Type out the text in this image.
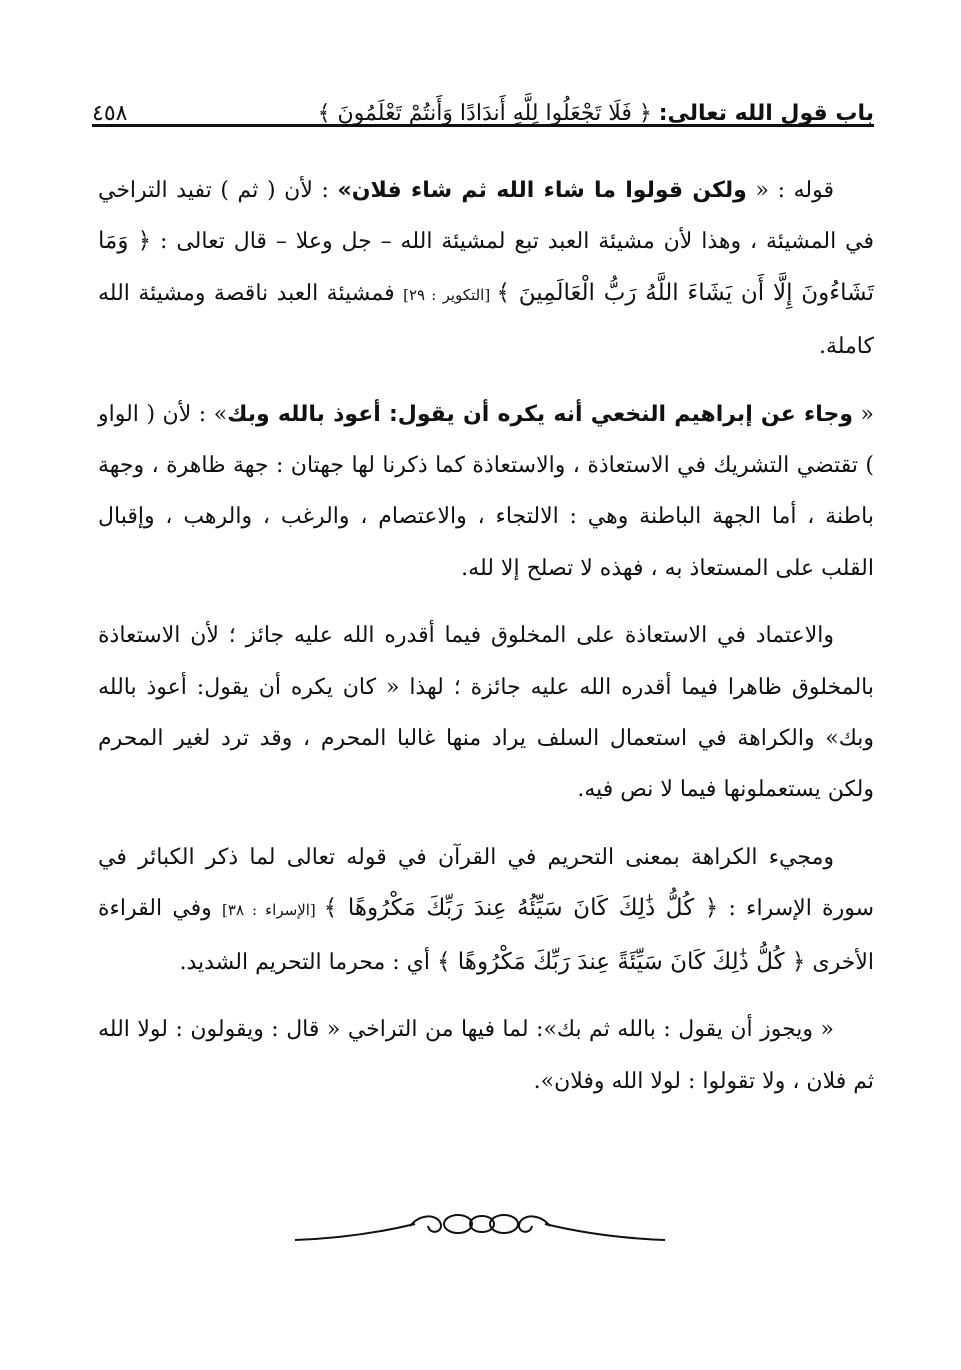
باب قول الله تعالى: ﴿ فَلَا تَجْعَلُوا لِلَّهِ أَندَادًا وَأَنتُمْ تَعْلَمُونَ ﴾
٤٥٨

قوله : « ولكن قولوا ما شاء الله ثم شاء فلان» : لأن ( ثم ) تفيد التراخي في المشيئة ، وهذا لأن مشيئة العبد تبع لمشيئة الله – جل وعلا – قال تعالى : ﴿ وَمَا تَشَاءُونَ إِلَّا أَن يَشَاءَ اللَّهُ رَبُّ الْعَالَمِينَ ﴾ [التكوير : ٢٩] فمشيئة العبد ناقصة ومشيئة الله كاملة.

« وجاء عن إبراهيم النخعي أنه يكره أن يقول: أعوذ بالله وبك» : لأن ( الواو ) تقتضي التشريك في الاستعاذة ، والاستعاذة كما ذكرنا لها جهتان : جهة ظاهرة ، وجهة باطنة ، أما الجهة الباطنة وهي : الالتجاء ، والاعتصام ، والرغب ، والرهب ، وإقبال القلب على المستعاذ به ، فهذه لا تصلح إلا لله.

والاعتماد في الاستعاذة على المخلوق فيما أقدره الله عليه جائز ؛ لأن الاستعاذة بالمخلوق ظاهرا فيما أقدره الله عليه جائزة ؛ لهذا « كان يكره أن يقول: أعوذ بالله وبك» والكراهة في استعمال السلف يراد منها غالبا المحرم ، وقد ترد لغير المحرم ولكن يستعملونها فيما لا نص فيه.

ومجيء الكراهة بمعنى التحريم في القرآن في قوله تعالى لما ذكر الكبائر في سورة الإسراء : ﴿ كُلُّ ذَٰلِكَ كَانَ سَيِّئُهُ عِندَ رَبِّكَ مَكْرُوهًا ﴾ [الإسراء : ٣٨] وفي القراءة الأخرى ﴿ كُلُّ ذَٰلِكَ كَانَ سَيِّئَةً عِندَ رَبِّكَ مَكْرُوهًا ﴾ أي : محرما التحريم الشديد.

« ويجوز أن يقول : بالله ثم بك»: لما فيها من التراخي « قال : ويقولون : لولا الله ثم فلان ، ولا تقولوا : لولا الله وفلان».
